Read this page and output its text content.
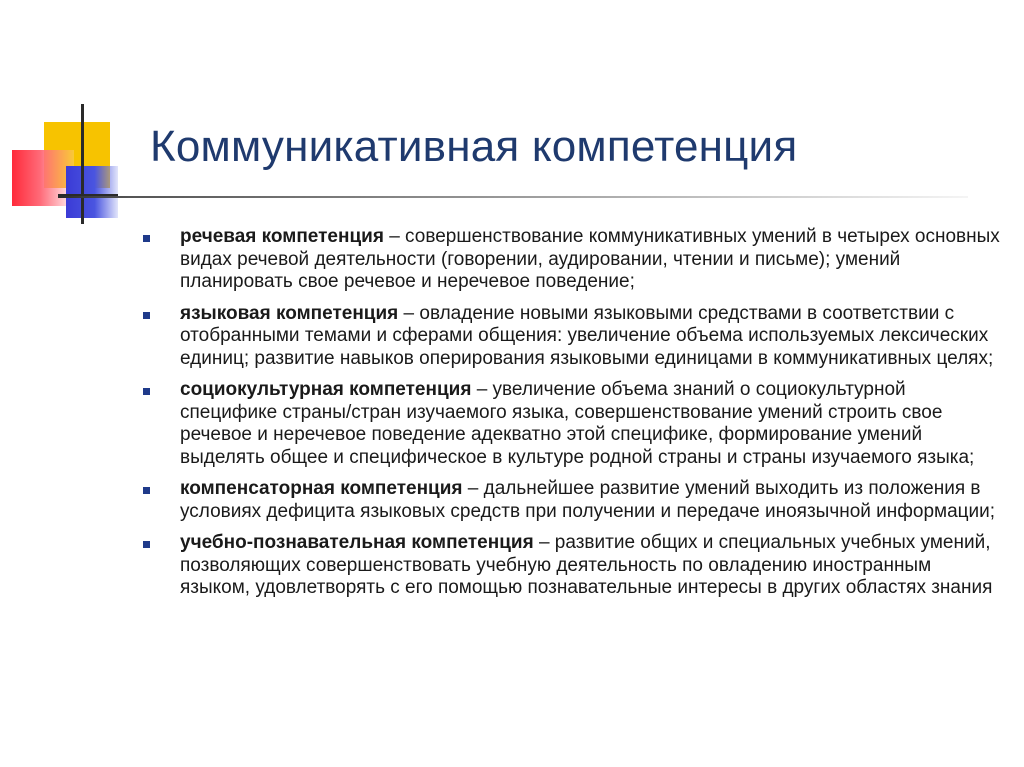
Коммуникативная компетенция
речевая компетенция – совершенствование коммуникативных умений в четырех основных видах речевой деятельности (говорении, аудировании, чтении и письме); умений планировать свое речевое и неречевое поведение;
языковая компетенция – овладение новыми языковыми средствами в соответствии с отобранными темами и сферами общения: увеличение объема используемых лексических единиц; развитие навыков оперирования языковыми единицами в коммуникативных целях;
социокультурная компетенция – увеличение объема знаний о социокультурной специфике страны/стран изучаемого языка, совершенствование умений строить свое речевое и неречевое поведение адекватно этой специфике, формирование умений выделять общее и специфическое в культуре родной страны и страны изучаемого языка;
компенсаторная компетенция – дальнейшее развитие умений выходить из положения в условиях дефицита языковых средств при получении и передаче иноязычной информации;
учебно-познавательная компетенция – развитие общих и специальных учебных умений, позволяющих совершенствовать учебную деятельность по овладению иностранным языком, удовлетворять с его помощью познавательные интересы в других областях знания
